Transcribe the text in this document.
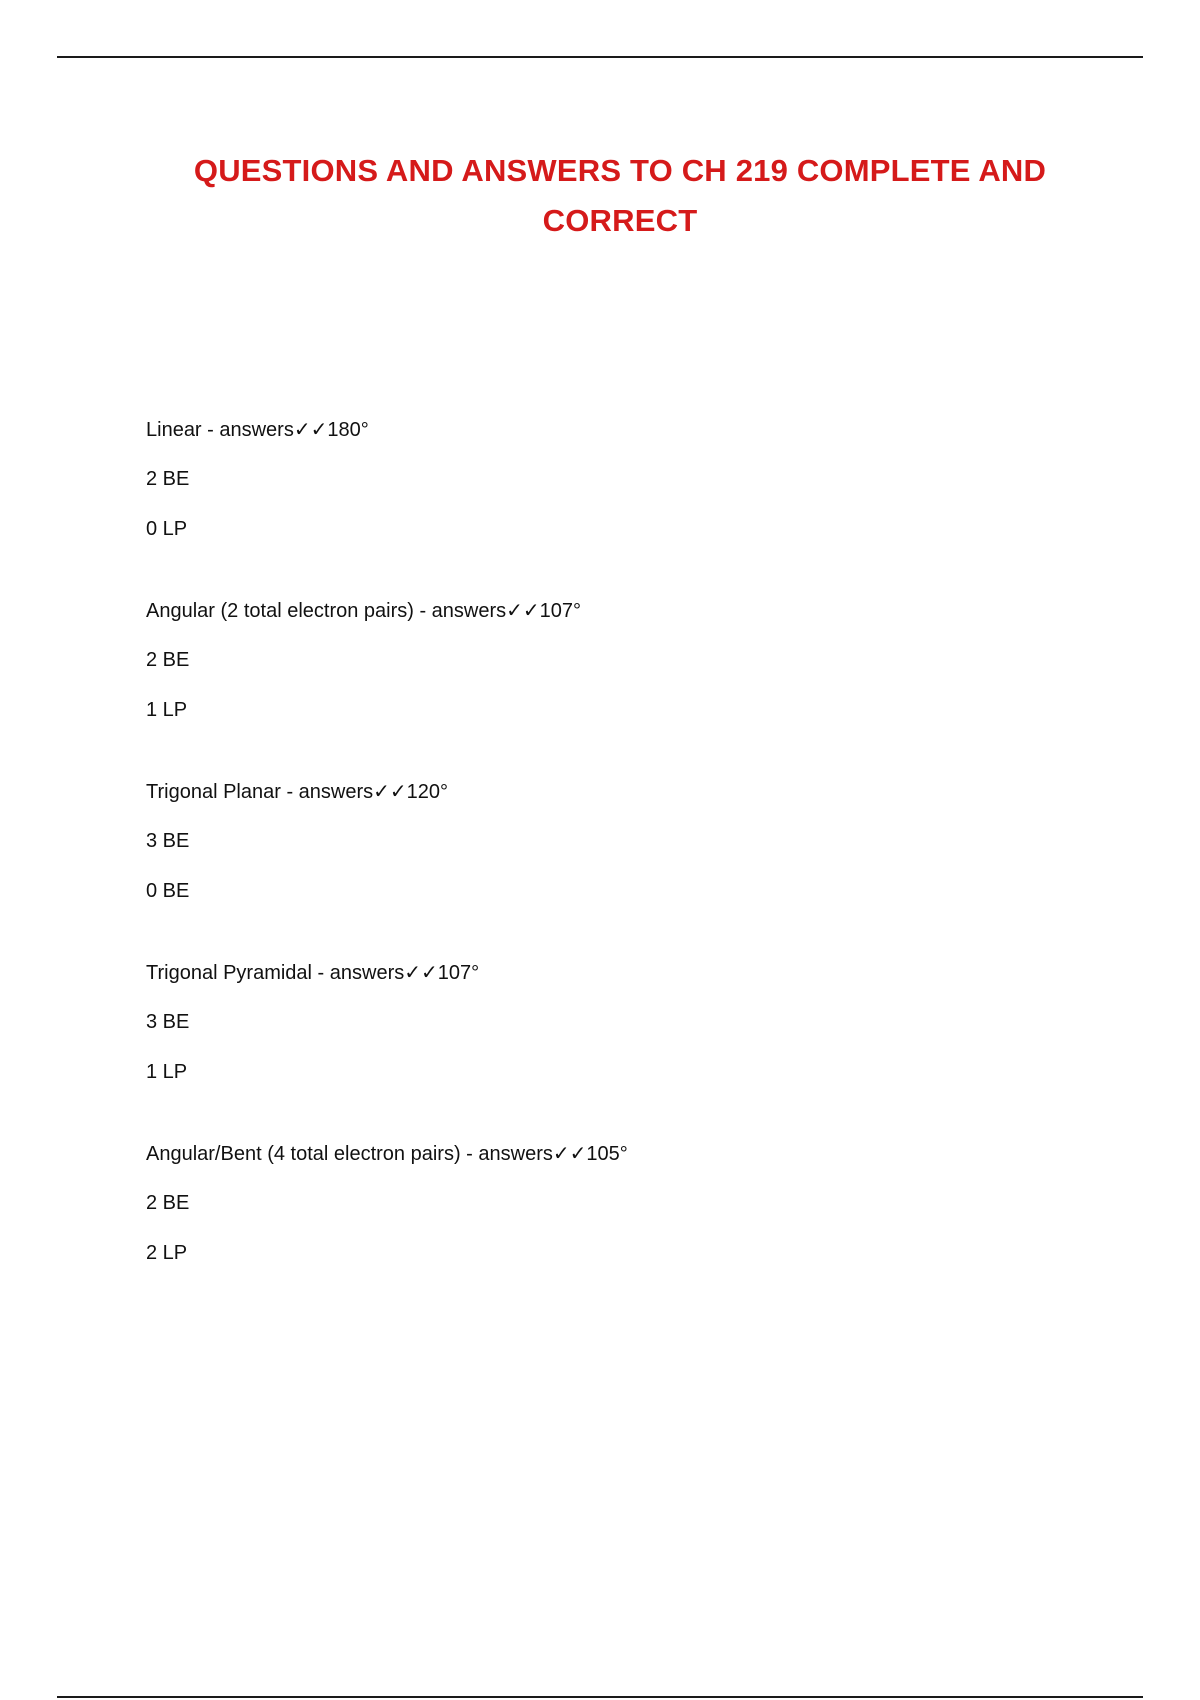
QUESTIONS AND ANSWERS TO CH 219 COMPLETE AND CORRECT
Linear - answers✓✓180°
2 BE
0 LP
Angular (2 total electron pairs) - answers✓✓107°
2 BE
1 LP
Trigonal Planar - answers✓✓120°
3 BE
0 BE
Trigonal Pyramidal - answers✓✓107°
3 BE
1 LP
Angular/Bent (4 total electron pairs) - answers✓✓105°
2 BE
2 LP
